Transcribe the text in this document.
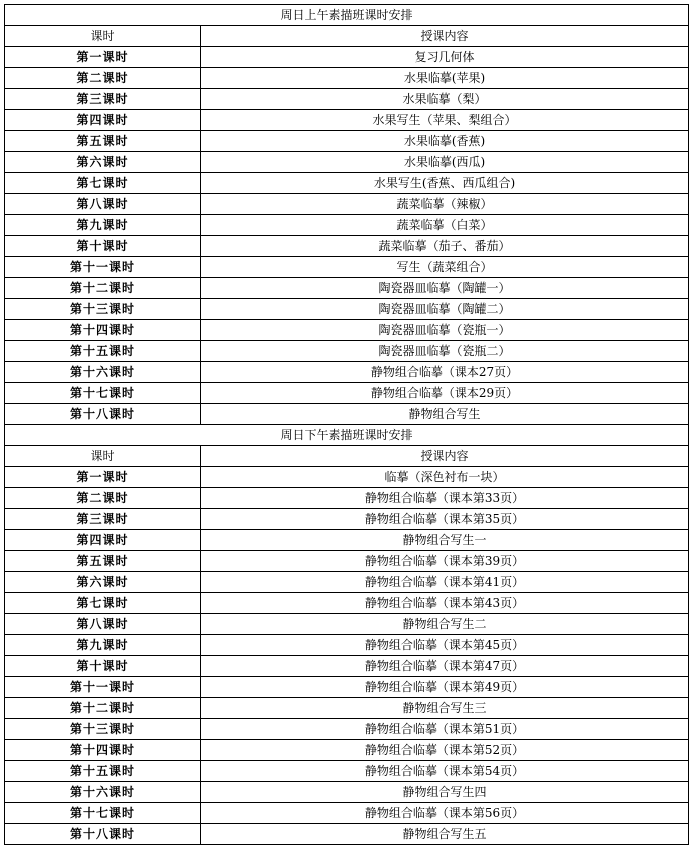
周日上午素描班课时安排	
课时	授课内容
第一课时	复习几何体
第二课时	水果临摹(苹果)
第三课时	水果临摹（梨）
第四课时	水果写生（苹果、梨组合）
第五课时	水果临摹(香蕉)
第六课时	水果临摹(西瓜)
第七课时	水果写生(香蕉、西瓜组合)
第八课时	蔬菜临摹（辣椒）
第九课时	蔬菜临摹（白菜）
第十课时	蔬菜临摹（茄子、番茄）
第十一课时	写生（蔬菜组合）
第十二课时	陶瓷器皿临摹（陶罐一）
第十三课时	陶瓷器皿临摹（陶罐二）
第十四课时	陶瓷器皿临摹（瓷瓶一）
第十五课时	陶瓷器皿临摹（瓷瓶二）
第十六课时	静物组合临摹（课本27页）
第十七课时	静物组合临摹（课本29页）
第十八课时	静物组合写生
周日下午素描班课时安排	
课时	授课内容
第一课时	临摹（深色衬布一块）
第二课时	静物组合临摹（课本第33页）
第三课时	静物组合临摹（课本第35页）
第四课时	静物组合写生一
第五课时	静物组合临摹（课本第39页）
第六课时	静物组合临摹（课本第41页）
第七课时	静物组合临摹（课本第43页）
第八课时	静物组合写生二
第九课时	静物组合临摹（课本第45页）
第十课时	静物组合临摹（课本第47页）
第十一课时	静物组合临摹（课本第49页）
第十二课时	静物组合写生三
第十三课时	静物组合临摹（课本第51页）
第十四课时	静物组合临摹（课本第52页）
第十五课时	静物组合临摹（课本第54页）
第十六课时	静物组合写生四
第十七课时	静物组合临摹（课本第56页）
第十八课时	静物组合写生五
